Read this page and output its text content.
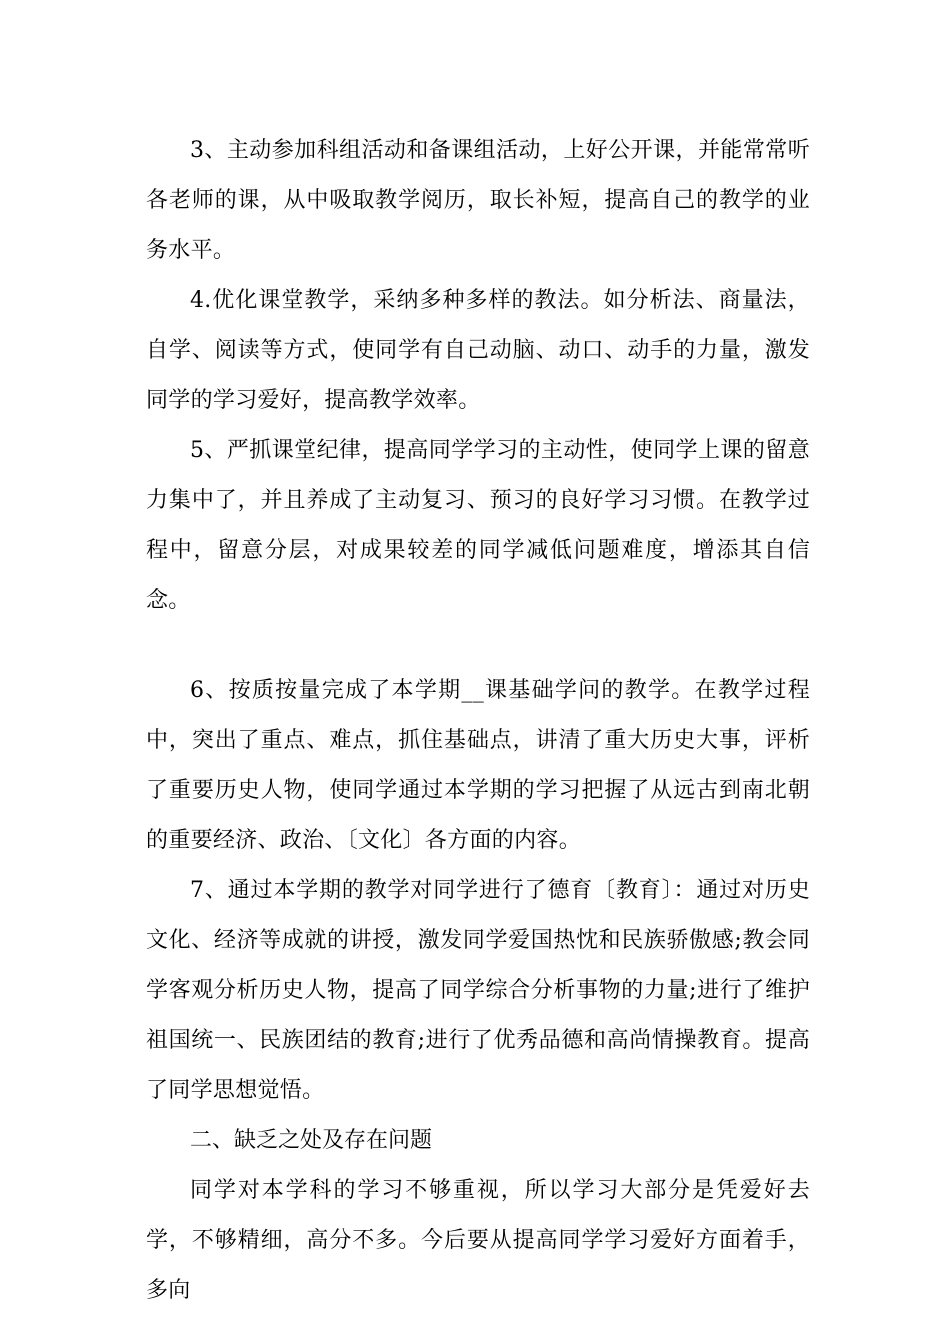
3、主动参加科组活动和备课组活动，上好公开课，并能常常听各老师的课，从中吸取教学阅历，取长补短，提高自己的教学的业务水平。

4.优化课堂教学，采纳多种多样的教法。如分析法、商量法，自学、阅读等方式，使同学有自己动脑、动口、动手的力量，激发同学的学习爱好，提高教学效率。

5、严抓课堂纪律，提高同学学习的主动性，使同学上课的留意力集中了，并且养成了主动复习、预习的良好学习习惯。在教学过程中，留意分层，对成果较差的同学减低问题难度，增添其自信念。

6、按质按量完成了本学期__课基础学问的教学。在教学过程中，突出了重点、难点，抓住基础点，讲清了重大历史大事，评析了重要历史人物，使同学通过本学期的学习把握了从远古到南北朝的重要经济、政治、〔文化〕各方面的内容。

7、通过本学期的教学对同学进行了德育〔教育〕：通过对历史文化、经济等成就的讲授，激发同学爱国热忱和民族骄傲感;教会同学客观分析历史人物，提高了同学综合分析事物的力量;进行了维护祖国统一、民族团结的教育;进行了优秀品德和高尚情操教育。提高了同学思想觉悟。

二、缺乏之处及存在问题

同学对本学科的学习不够重视，所以学习大部分是凭爱好去学，不够精细，高分不多。今后要从提高同学学习爱好方面着手，多向
